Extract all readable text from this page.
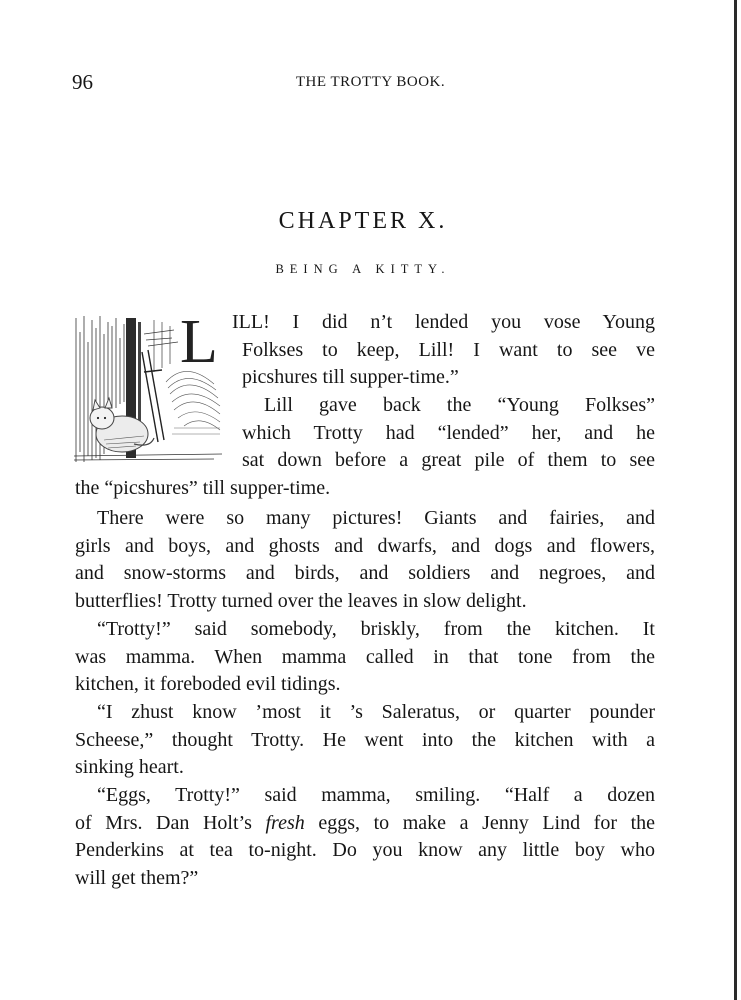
96	THE TROTTY BOOK.
CHAPTER X.
BEING A KITTY.
L ILL! I did n’t lended you vose Young
Folkses to keep, Lill! I want to see ve
picshures till supper-time.”
Lill gave back the “Young Folkses”
which Trotty had “lended” her, and he
sat down before a great pile of them to see
the “picshures” till supper-time.
There were so many pictures! Giants and fairies, and
girls and boys, and ghosts and dwarfs, and dogs and flowers,
and snow-storms and birds, and soldiers and negroes, and
butterflies! Trotty turned over the leaves in slow delight.
“Trotty!” said somebody, briskly, from the kitchen. It
was mamma. When mamma called in that tone from the
kitchen, it foreboded evil tidings.
“I zhust know ’most it ’s Saleratus, or quarter pounder
Scheese,” thought Trotty. He went into the kitchen with a
sinking heart.
“Eggs, Trotty!” said mamma, smiling. “Half a dozen
of Mrs. Dan Holt’s fresh eggs, to make a Jenny Lind for the
Penderkins at tea to-night. Do you know any little boy who
will get them?”
